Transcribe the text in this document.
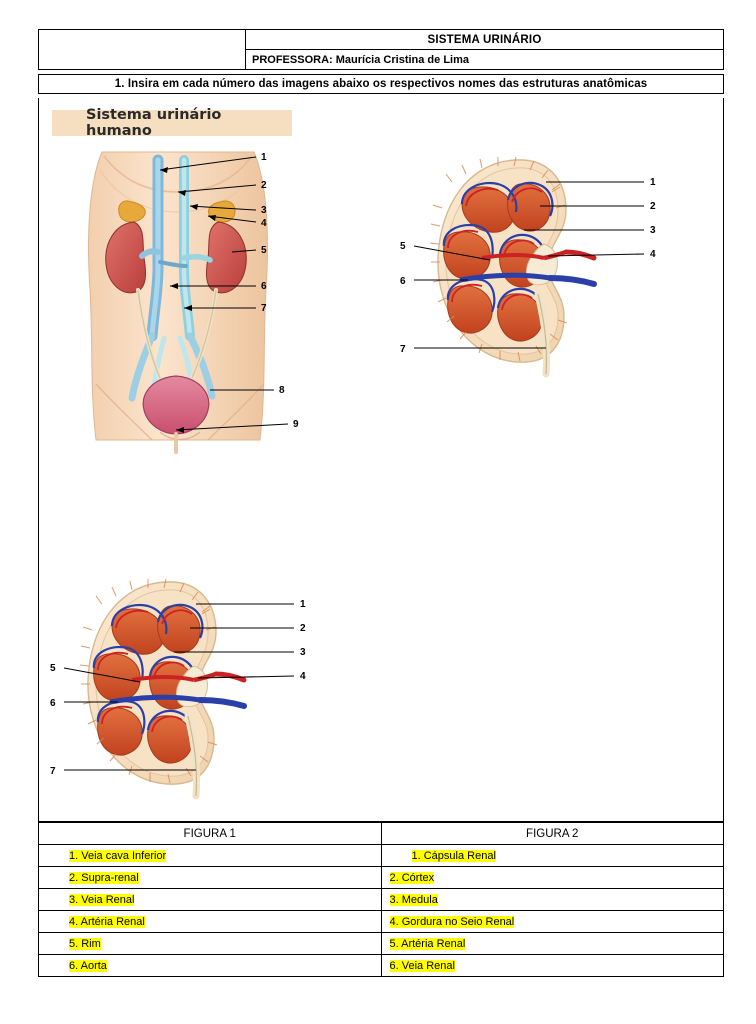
	SISTEMA URINÁRIO
PROFESSORA: Maurícia Cristina de Lima
1. Insira em cada número das imagens abaixo os respectivos nomes das estruturas anatômicas
Sistema urinário humano
1
2
3
4
5
6
7
8
9
1
2
3
4
5
6
7
1
2
3
4
5
6
7
FIGURA 1	FIGURA 2
1. Veia cava Inferior	1. Cápsula Renal
2. Supra-renal	2. Córtex
3. Veia Renal	3. Medula
4. Artéria Renal	4. Gordura no Seio Renal
5. Rim	5. Artéria Renal
6. Aorta	6. Veia Renal
